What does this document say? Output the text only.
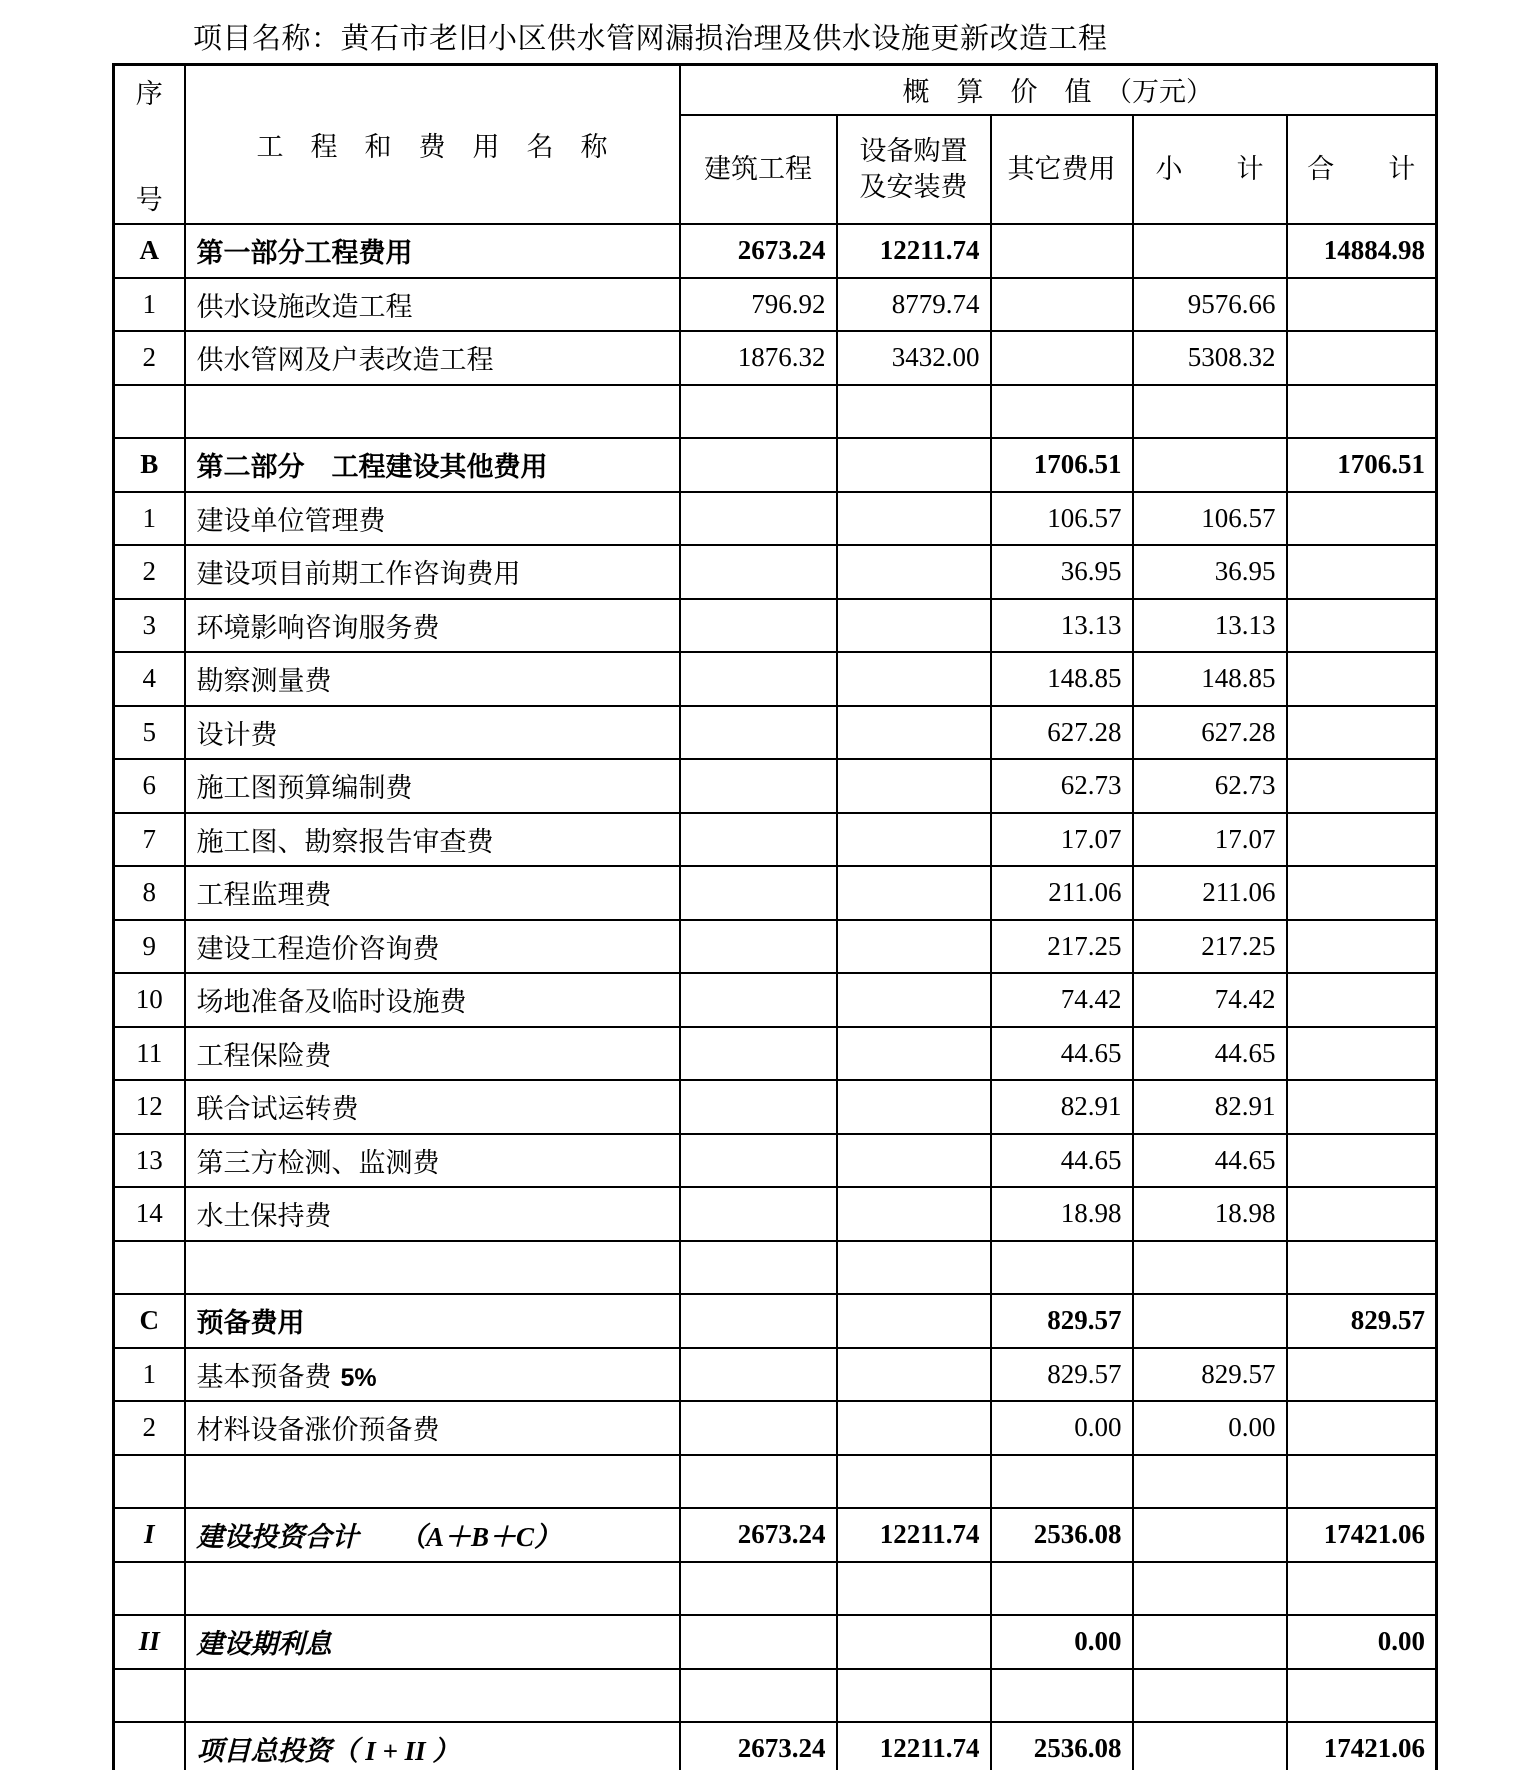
项目名称：黄石市老旧小区供水管网漏损治理及供水设施更新改造工程
序
号	工　程　和　费　用　名　称	概　算　价　值　（万元）				

		建筑工程	设备购置
及安装费	其它费用	小　　计	合　　计

A	第一部分工程费用	2673.24	12211.74			14884.98
1	供水设施改造工程	796.92	8779.74		9576.66	
2	供水管网及户表改造工程	1876.32	3432.00		5308.32	

B	第二部分　工程建设其他费用			1706.51		1706.51
1	建设单位管理费			106.57	106.57	
2	建设项目前期工作咨询费用			36.95	36.95	
3	环境影响咨询服务费			13.13	13.13	
4	勘察测量费			148.85	148.85	
5	设计费			627.28	627.28	
6	施工图预算编制费			62.73	62.73	
7	施工图、勘察报告审查费			17.07	17.07	
8	工程监理费			211.06	211.06	
9	建设工程造价咨询费			217.25	217.25	
10	场地准备及临时设施费			74.42	74.42	
11	工程保险费			44.65	44.65	
12	联合试运转费			82.91	82.91	
13	第三方检测、监测费			44.65	44.65	
14	水土保持费			18.98	18.98	

C	预备费用			829.57		829.57
1	基本预备费 5%			829.57	829.57	
2	材料设备涨价预备费			0.00	0.00	

I	建设投资合计　　（A＋B＋C）	2673.24	12211.74	2536.08		17421.06

II	建设期利息			0.00		0.00

	项目总投资（ I + II ）	2673.24	12211.74	2536.08		17421.06
